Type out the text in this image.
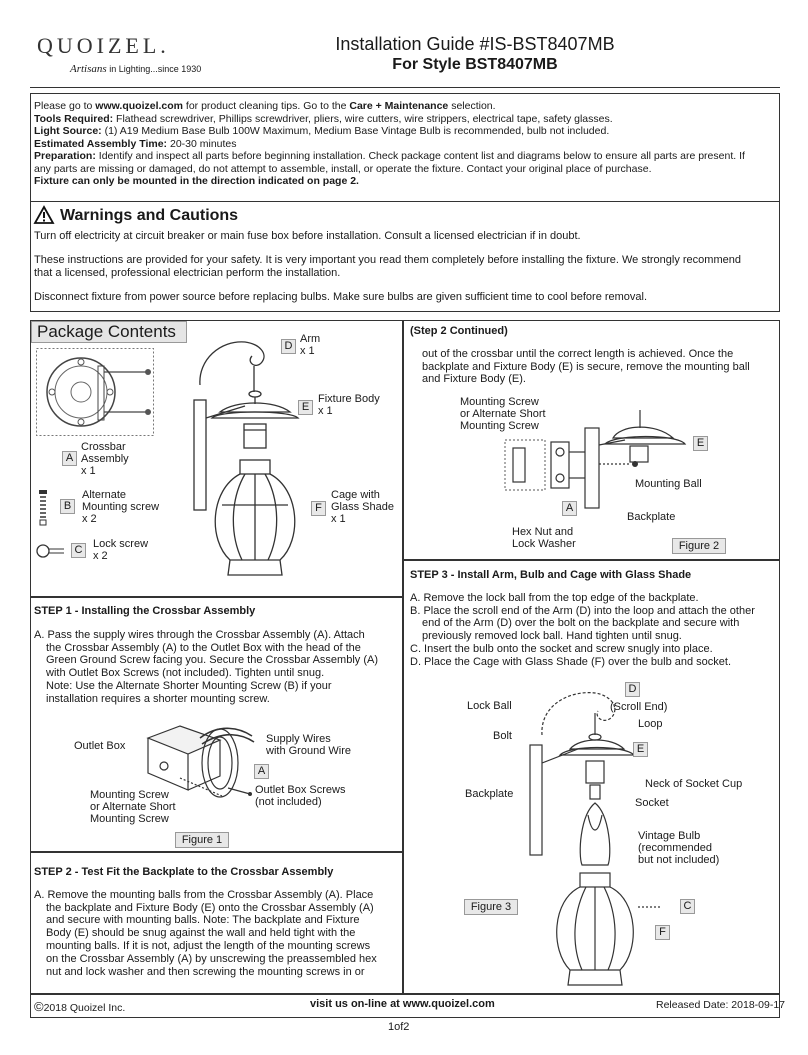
QUOIZEL.
Artisans in Lighting...since 1930
Installation Guide #IS-BST8407MB
For Style BST8407MB
Please go to www.quoizel.com for product cleaning tips. Go to the Care + Maintenance selection.
Tools Required: Flathead screwdriver, Phillips screwdriver, pliers, wire cutters, wire strippers, electrical tape, safety glasses.
Light Source: (1) A19 Medium Base Bulb 100W Maximum, Medium Base Vintage Bulb is recommended, bulb not included.
Estimated Assembly Time: 20-30 minutes
Preparation: Identify and inspect all parts before beginning installation. Check package content list and diagrams below to ensure all parts are present. If any parts are missing or damaged, do not attempt to assemble, install, or operate the fixture. Contact your original place of purchase.
Fixture can only be mounted in the direction indicated on page 2.
Warnings and Cautions
Turn off electricity at circuit breaker or main fuse box before installation. Consult a licensed electrician if in doubt.
These instructions are provided for your safety. It is very important you read them completely before installing the fixture. We strongly recommend that a licensed, professional electrician perform the installation.
Disconnect fixture from power source before replacing bulbs. Make sure bulbs are given sufficient time to cool before removal.
Package Contents
A
Crossbar
Assembly
x 1
B
Alternate
Mounting screw
x 2
C Lock screw
x 2
D
Arm
x 1
E
Fixture Body
x 1
F
Cage with
Glass Shade
x 1
STEP 1 - Installing the Crossbar Assembly
A. Pass the supply wires through the Crossbar Assembly (A). Attach
the Crossbar Assembly (A) to the Outlet Box with the head of the
Green Ground Screw facing you. Secure the Crossbar Assembly (A)
with Outlet Box Screws (not included). Tighten until snug.
Note: Use the Alternate Shorter Mounting Screw (B) if your
installation requires a shorter mounting screw.
Outlet Box
Supply Wires
with Ground Wire
A
Outlet Box Screws
(not included)
Mounting Screw
or Alternate Short
Mounting Screw
Figure 1
STEP 2 - Test Fit the Backplate to the Crossbar Assembly
A. Remove the mounting balls from the Crossbar Assembly (A). Place
the backplate and Fixture Body (E) onto the Crossbar Assembly (A)
and secure with mounting balls. Note: The backplate and Fixture
Body (E) should be snug against the wall and held tight with the
mounting balls. If it is not, adjust the length of the mounting screws
on the Crossbar Assembly (A) by unscrewing the preassembled hex
nut and lock washer and then screwing the mounting screws in or
(Step 2 Continued)
out of the crossbar until the correct length is achieved. Once the
backplate and Fixture Body (E) is secure, remove the mounting ball
and Fixture Body (E).
Mounting Screw
or Alternate Short
Mounting Screw
E
Mounting Ball
A
Backplate
Hex Nut and
Lock Washer	Figure 2
STEP 3 - Install Arm, Bulb and Cage with Glass Shade
A. Remove the lock ball from the top edge of the backplate.
B. Place the scroll end of the Arm (D) into the loop and attach the other
end of the Arm (D) over the bolt on the backplate and secure with
previously removed lock ball. Hand tighten until snug.
C. Insert the bulb onto the socket and screw snugly into place.
D. Place the Cage with Glass Shade (F) over the bulb and socket.
D
Lock Ball	(Scroll End)
Loop
Bolt
E
Neck of Socket Cup
Backplate
Socket
Vintage Bulb
(recommended
but not included)
Figure 3	C
F
©2018 Quoizel Inc.	visit us on-line at www.quoizel.com	Released Date: 2018-09-17
1of2
